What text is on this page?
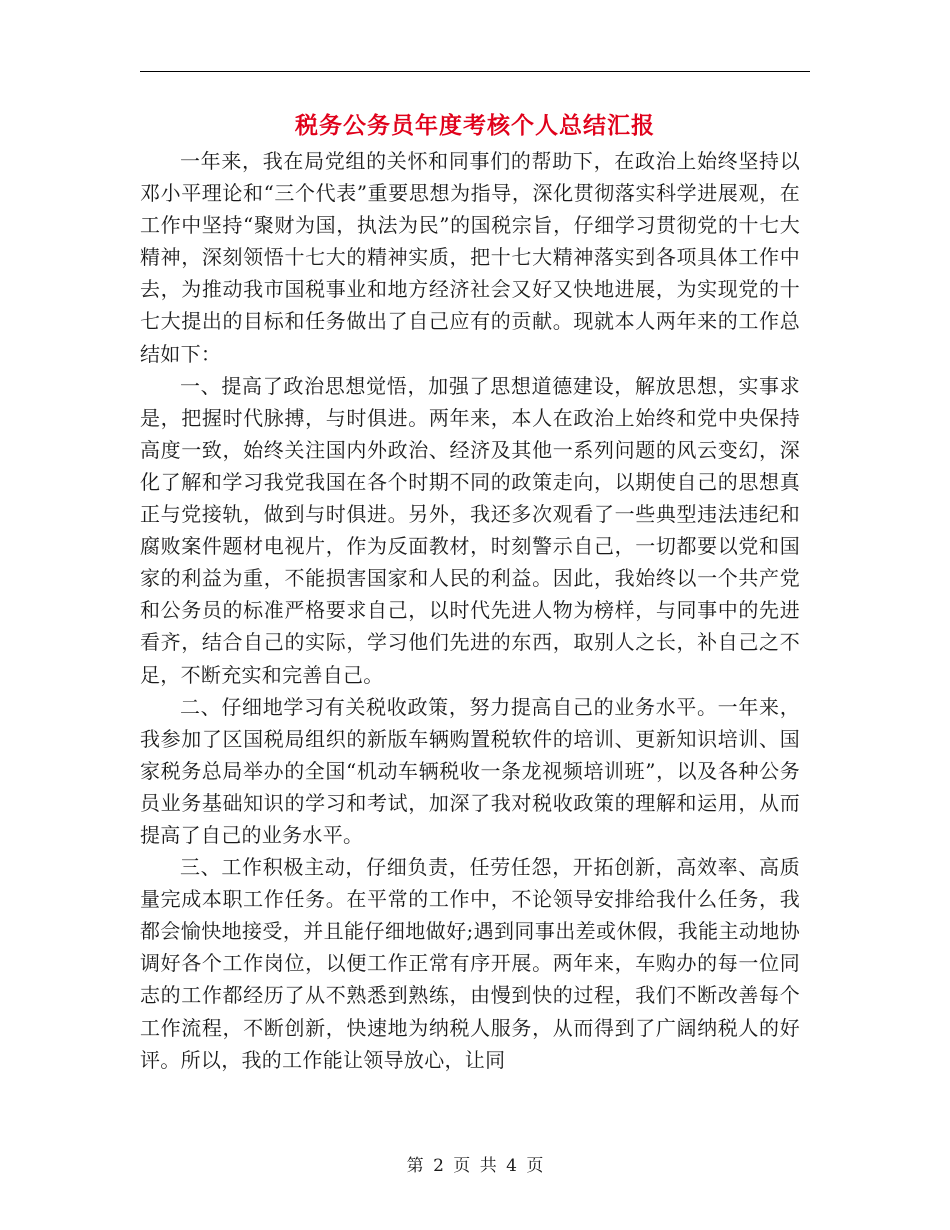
税务公务员年度考核个人总结汇报

一年来，我在局党组的关怀和同事们的帮助下，在政治上始终坚持以邓小平理论和“三个代表”重要思想为指导，深化贯彻落实科学进展观，在工作中坚持“聚财为国，执法为民”的国税宗旨，仔细学习贯彻党的十七大精神，深刻领悟十七大的精神实质，把十七大精神落实到各项具体工作中去，为推动我市国税事业和地方经济社会又好又快地进展，为实现党的十七大提出的目标和任务做出了自己应有的贡献。现就本人两年来的工作总结如下：

一、提高了政治思想觉悟，加强了思想道德建设，解放思想，实事求是，把握时代脉搏，与时俱进。两年来，本人在政治上始终和党中央保持高度一致，始终关注国内外政治、经济及其他一系列问题的风云变幻，深化了解和学习我党我国在各个时期不同的政策走向，以期使自己的思想真正与党接轨，做到与时俱进。另外，我还多次观看了一些典型违法违纪和腐败案件题材电视片，作为反面教材，时刻警示自己，一切都要以党和国家的利益为重，不能损害国家和人民的利益。因此，我始终以一个共产党和公务员的标准严格要求自己，以时代先进人物为榜样，与同事中的先进看齐，结合自己的实际，学习他们先进的东西，取别人之长，补自己之不足，不断充实和完善自己。

二、仔细地学习有关税收政策，努力提高自己的业务水平。一年来，我参加了区国税局组织的新版车辆购置税软件的培训、更新知识培训、国家税务总局举办的全国“机动车辆税收一条龙视频培训班”，以及各种公务员业务基础知识的学习和考试，加深了我对税收政策的理解和运用，从而提高了自己的业务水平。

三、工作积极主动，仔细负责，任劳任怨，开拓创新，高效率、高质量完成本职工作任务。在平常的工作中，不论领导安排给我什么任务，我都会愉快地接受，并且能仔细地做好;遇到同事出差或休假，我能主动地协调好各个工作岗位，以便工作正常有序开展。两年来，车购办的每一位同志的工作都经历了从不熟悉到熟练，由慢到快的过程，我们不断改善每个工作流程，不断创新，快速地为纳税人服务，从而得到了广阔纳税人的好评。所以，我的工作能让领导放心，让同

第 2 页 共 4 页
